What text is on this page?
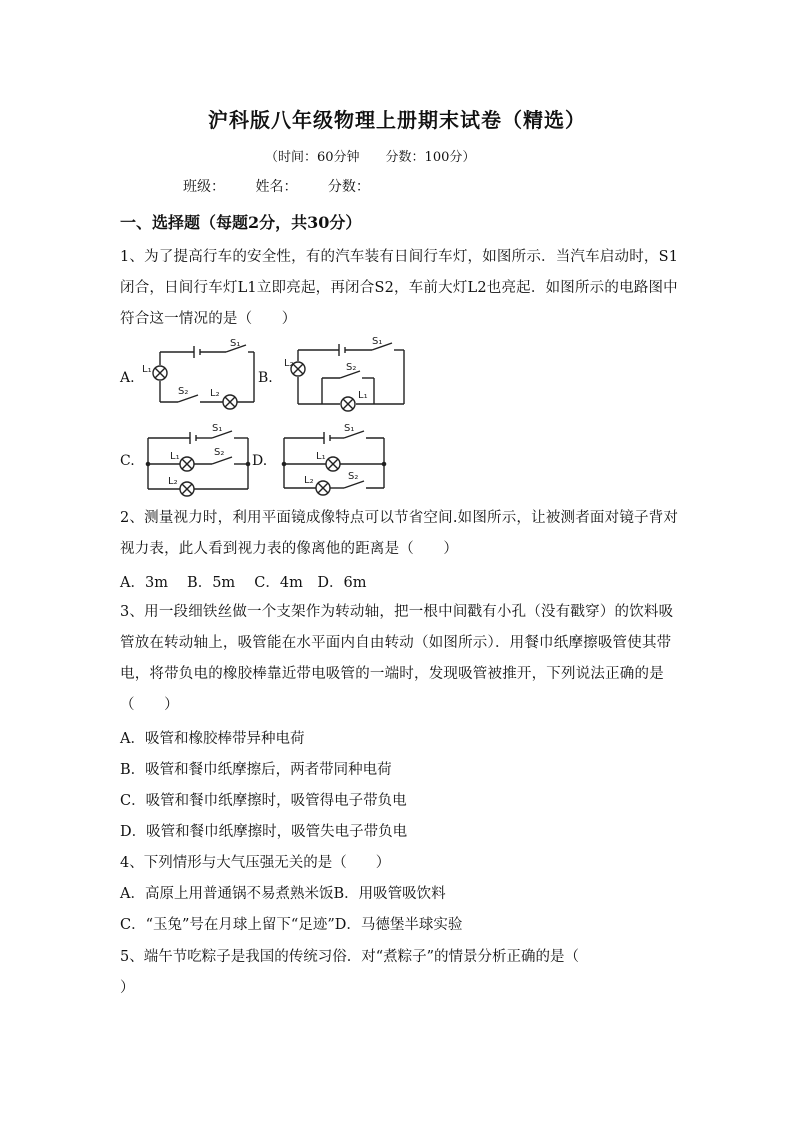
沪科版八年级物理上册期末试卷（精选）
（时间：60分钟　　分数：100分）
班级： 姓名： 分数：
一、选择题（每题2分，共30分）
1、为了提高行车的安全性，有的汽车装有日间行车灯，如图所示．当汽车启动时，S1闭合，日间行车灯L1立即亮起，再闭合S2，车前大灯L2也亮起．如图所示的电路图中符合这一情况的是（　　）
A.
S₁
L₁
S₂ L₂
B.
S₁
L₂	S₂
L₁
C.
S₁
L₁	S₂
L₂
D.
S₁
L₁
L₂	S₂
2、测量视力时，利用平面镜成像特点可以节省空间.如图所示，让被测者面对镜子背对视力表，此人看到视力表的像离他的距离是（　　）
A．3m　 B．5m　 C．4m　D．6m
3、用一段细铁丝做一个支架作为转动轴，把一根中间戳有小孔（没有戳穿）的饮料吸管放在转动轴上，吸管能在水平面内自由转动（如图所示）．用餐巾纸摩擦吸管使其带电，将带负电的橡胶棒靠近带电吸管的一端时，发现吸管被推开，下列说法正确的是（　　）
A．吸管和橡胶棒带异种电荷
B．吸管和餐巾纸摩擦后，两者带同种电荷
C．吸管和餐巾纸摩擦时，吸管得电子带负电
D．吸管和餐巾纸摩擦时，吸管失电子带负电
4、下列情形与大气压强无关的是（　　）
A．高原上用普通锅不易煮熟米饭B．用吸管吸饮料
C．“玉兔”号在月球上留下“足迹”D．马德堡半球实验
5、端午节吃粽子是我国的传统习俗．对“煮粽子”的情景分析正确的是（
）
